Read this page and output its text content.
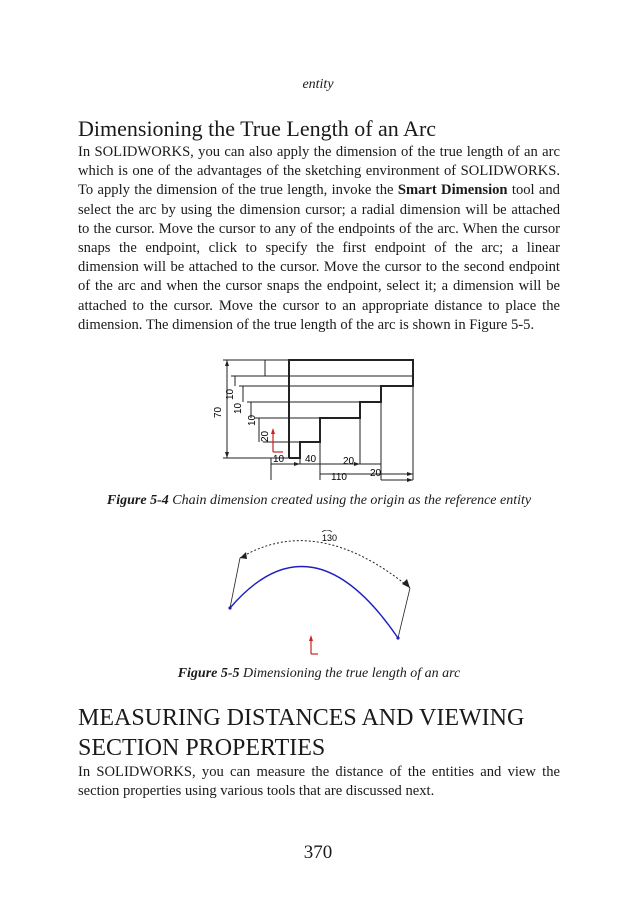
entity
Dimensioning the True Length of an Arc

In SOLIDWORKS, you can also apply the dimension of the true length of an arc which is one of the advantages of the sketching environment of SOLIDWORKS. To apply the dimension of the true length, invoke the Smart Dimension tool and select the arc by using the dimension cursor; a radial dimension will be attached to the cursor. Move the cursor to any of the endpoints of the arc. When the cursor snaps the endpoint, click to specify the first endpoint of the arc; a linear dimension will be attached to the cursor. Move the cursor to the second endpoint of the arc and when the cursor snaps the endpoint, select it; a dimension will be attached to the cursor. Move the cursor to an appropriate distance to place the dimension. The dimension of the true length of the arc is shown in Figure 5-5.

70
10
10
10
20
10 40	20
110 20
Figure 5-4 Chain dimension created using the origin as the reference entity
130
Figure 5-5 Dimensioning the true length of an arc
MEASURING DISTANCES AND VIEWING SECTION PROPERTIES

In SOLIDWORKS, you can measure the distance of the entities and view the section properties using various tools that are discussed next.

370
